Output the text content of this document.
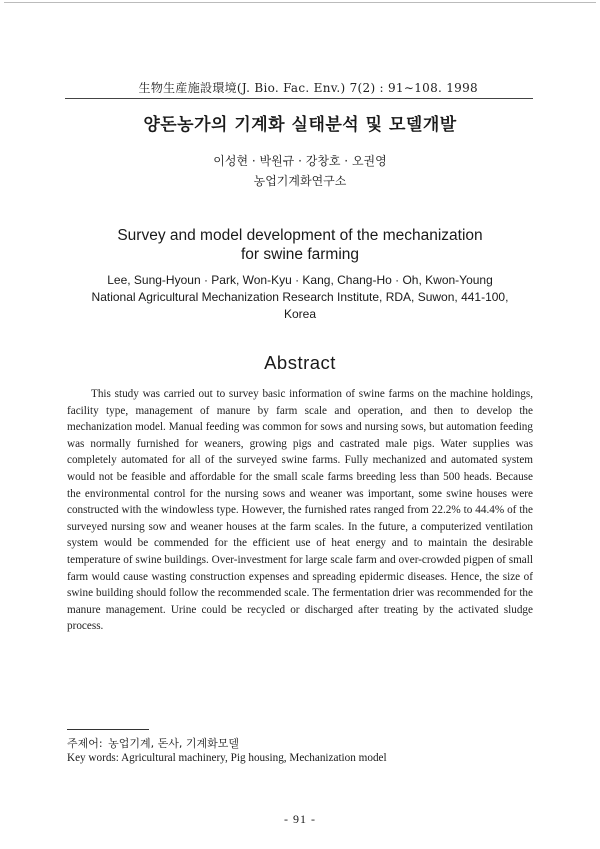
生物生産施設環境(J. Bio. Fac. Env.) 7(2) : 91∼108. 1998
양돈농가의 기계화 실태분석 및 모델개발
이성현 · 박원규 · 강창호 · 오권영
농업기계화연구소
Survey and model development of the mechanization
for swine farming
Lee, Sung-Hyoun · Park, Won-Kyu · Kang, Chang-Ho · Oh, Kwon-Young
National Agricultural Mechanization Research Institute, RDA, Suwon, 441-100,
Korea
Abstract
This study was carried out to survey basic information of swine farms on the machine holdings, facility type, management of manure by farm scale and operation, and then to develop the mechanization model. Manual feeding was common for sows and nursing sows, but automation feeding was normally furnished for weaners, growing pigs and castrated male pigs. Water supplies was completely automated for all of the surveyed swine farms. Fully mechanized and automated system would not be feasible and affordable for the small scale farms breeding less than 500 heads. Because the environmental control for the nursing sows and weaner was important, some swine houses were constructed with the windowless type. However, the furnished rates ranged from 22.2% to 44.4% of the surveyed nursing sow and weaner houses at the farm scales. In the future, a computerized ventilation system would be commended for the efficient use of heat energy and to maintain the desirable temperature of swine buildings. Over-investment for large scale farm and over-crowded pigpen of small farm would cause wasting construction expenses and spreading epidermic diseases. Hence, the size of swine building should follow the recommended scale. The fermentation drier was recommended for the manure management. Urine could be recycled or discharged after treating by the activated sludge process.
주제어: 농업기계, 돈사, 기계화모델
Key words: Agricultural machinery, Pig housing, Mechanization model
- 91 -
